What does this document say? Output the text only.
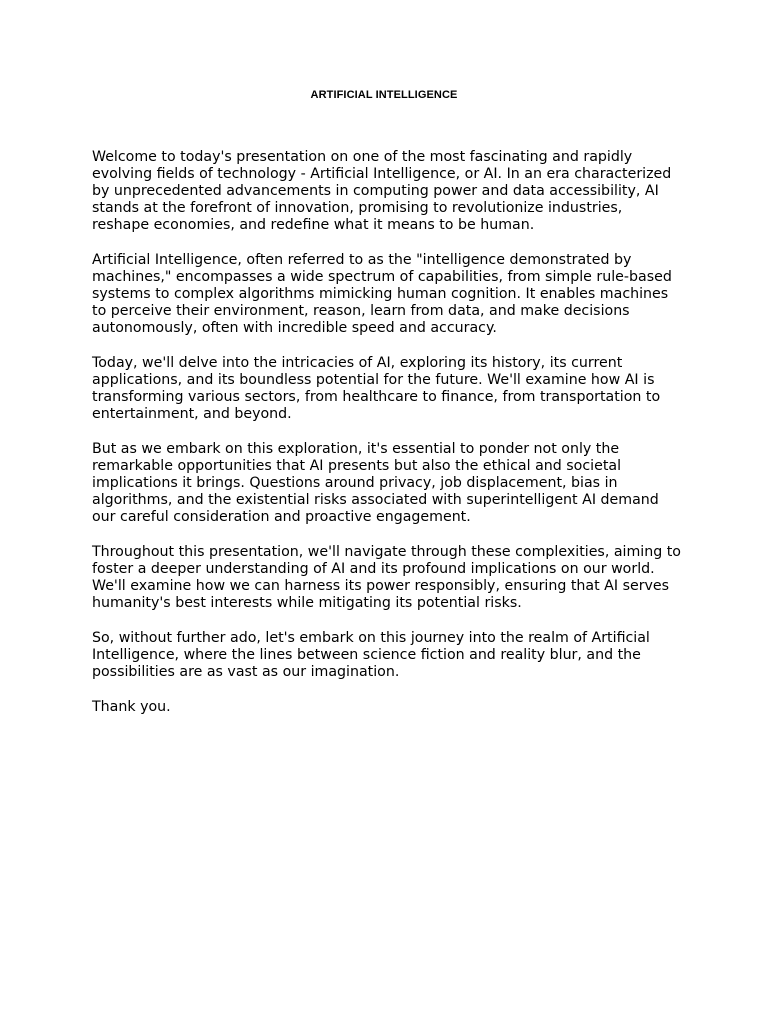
ARTIFICIAL INTELLIGENCE

Welcome to today's presentation on one of the most fascinating and rapidly evolving fields of technology - Artificial Intelligence, or AI. In an era characterized by unprecedented advancements in computing power and data accessibility, AI stands at the forefront of innovation, promising to revolutionize industries, reshape economies, and redefine what it means to be human.

Artificial Intelligence, often referred to as the "intelligence demonstrated by machines," encompasses a wide spectrum of capabilities, from simple rule-based systems to complex algorithms mimicking human cognition. It enables machines to perceive their environment, reason, learn from data, and make decisions autonomously, often with incredible speed and accuracy.

Today, we'll delve into the intricacies of AI, exploring its history, its current applications, and its boundless potential for the future. We'll examine how AI is transforming various sectors, from healthcare to finance, from transportation to entertainment, and beyond.

But as we embark on this exploration, it's essential to ponder not only the remarkable opportunities that AI presents but also the ethical and societal implications it brings. Questions around privacy, job displacement, bias in algorithms, and the existential risks associated with superintelligent AI demand our careful consideration and proactive engagement.

Throughout this presentation, we'll navigate through these complexities, aiming to foster a deeper understanding of AI and its profound implications on our world. We'll examine how we can harness its power responsibly, ensuring that AI serves humanity's best interests while mitigating its potential risks.

So, without further ado, let's embark on this journey into the realm of Artificial Intelligence, where the lines between science fiction and reality blur, and the possibilities are as vast as our imagination.

Thank you.
